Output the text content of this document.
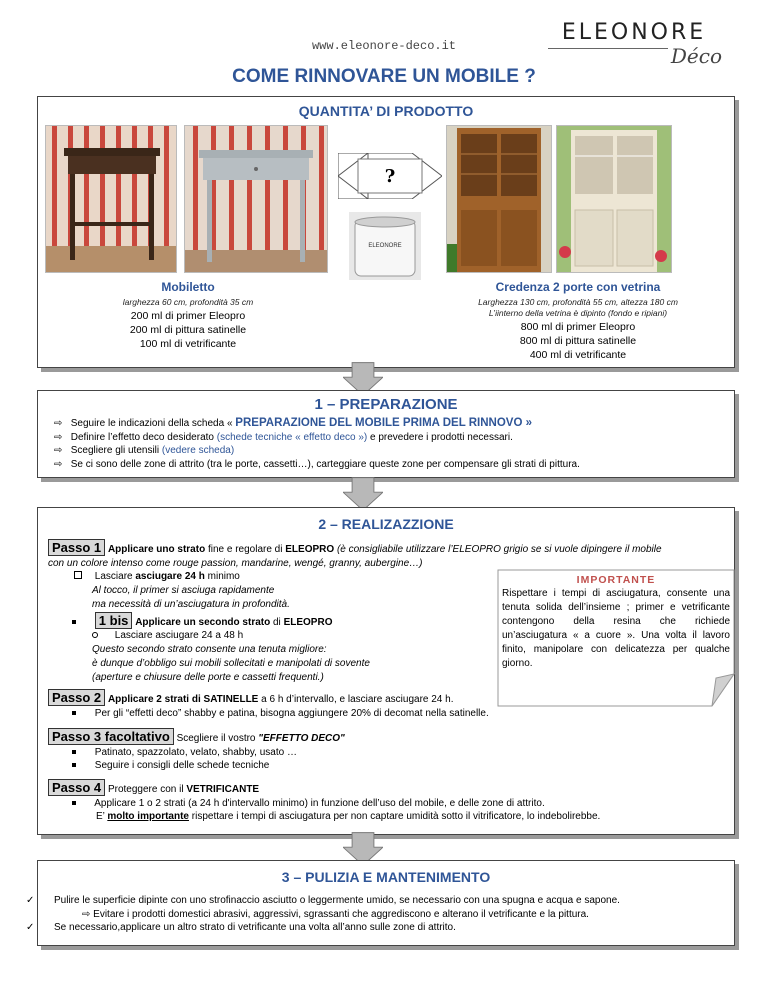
www.eleonore-deco.it
ELEONORE
Déco
COME RINNOVARE UN MOBILE ?
QUANTITA’ DI PRODOTTO
?
ELEONORE
Mobiletto
larghezza 60 cm, profondità 35 cm
200 ml di primer Eleopro
200 ml di pittura satinelle
100 ml di vetrificante
Credenza 2 porte con vetrina
Larghezza 130 cm, profondità 55 cm, altezza 180 cm
L’iinterno della vetrina è dipinto (fondo e ripiani)
800 ml di primer Eleopro
800 ml di pittura satinelle
400 ml di vetrificante
1 – PREPARAZIONE
⇨ Seguire le indicazioni della scheda « PREPARAZIONE DEL MOBILE PRIMA DEL RINNOVO »
⇨ Definire l’effetto deco desiderato (schede tecniche « effetto deco ») e prevedere i prodotti necessari.
⇨ Scegliere gli utensili (vedere scheda)
⇨ Se ci sono delle zone di attrito (tra le porte, cassetti…), carteggiare queste zone per compensare gli strati di pittura.
2 – REALIZAZZIONE
Passo 1 Applicare uno strato fine e regolare di ELEOPRO (è consigliabile utilizzare l’ELEOPRO grigio se si vuole dipingere il mobile
con un colore intenso come rouge passion, mandarine, wengé, granny, aubergine…)
Lasciare asciugare 24 h minimo
Al tocco, il primer si asciuga rapidamente
ma necessità di un’asciugatura in profondità.
1 bis Applicare un secondo strato di ELEOPRO
Lasciare asciugare 24 a 48 h
Questo secondo strato consente una tenuta migliore:
è dunque d’obbligo sui mobili sollecitati e manipolati di sovente
(aperture e chiusure delle porte e cassetti frequenti.)
IMPORTANTE
Rispettare i tempi di asciugatura, consente una tenuta solida dell’insieme ; primer e vetrificante contengono della resina che richiede un’asciugatura « a cuore ». Una volta il lavoro finito, manipolare con delicatezza per qualche giorno.
Passo 2 Applicare 2 strati di SATINELLE a 6 h d’intervallo, e lasciare asciugare 24 h.
Per gli “effetti deco” shabby e patina, bisogna aggiungere 20% di decomat nella satinelle.
Passo 3 facoltativo Scegliere il vostro "EFFETTO DECO"
Patinato, spazzolato, velato, shabby, usato …
Seguire i consigli delle schede tecniche
Passo 4 Proteggere con il VETRIFICANTE
Applicare 1 o 2 strati (a 24 h d'intervallo minimo) in funzione dell’uso del mobile, e delle zone di attrito.
E’ molto importante rispettare i tempi di asciugatura per non captare umidità sotto il vitrificatore, lo indebolirebbe.
3 – PULIZIA E MANTENIMENTO
✓ Pulire le superficie dipinte con uno strofinaccio asciutto o leggermente umido, se necessario con una spugna e acqua e sapone.
⇨ Evitare i prodotti domestici abrasivi, aggressivi, sgrassanti che aggrediscono e alterano il vetrificante e la pittura.
✓ Se necessario,applicare un altro strato di vetrificante una volta all’anno sulle zone di attrito.
